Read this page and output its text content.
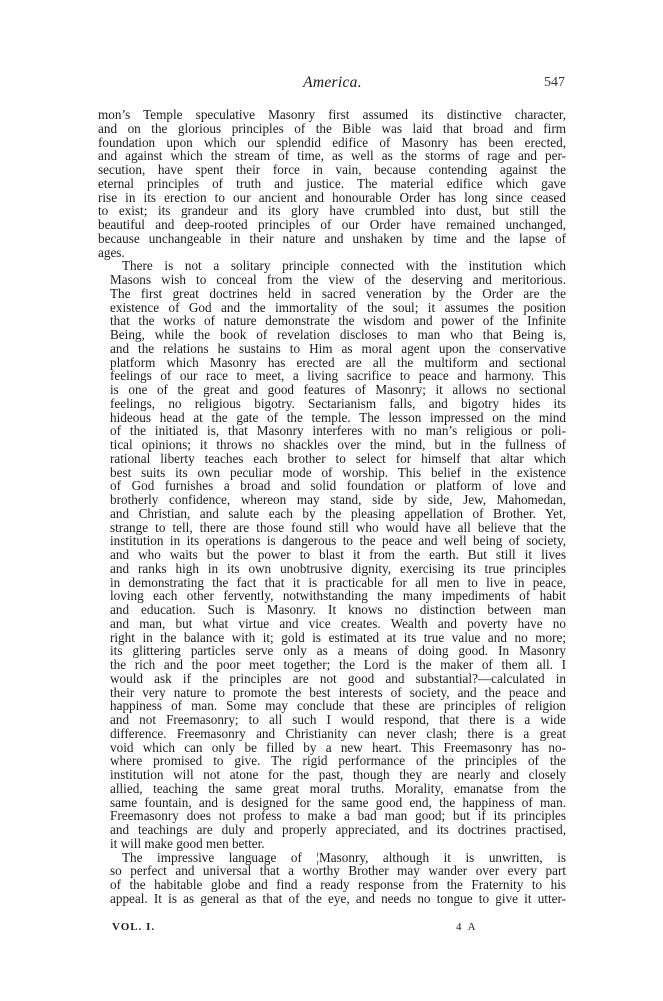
America.	547
mon’s Temple speculative Masonry first assumed its distinctive character,
and on the glorious principles of the Bible was laid that broad and firm
foundation upon which our splendid edifice of Masonry has been erected,
and against which the stream of time, as well as the storms of rage and per-
secution, have spent their force in vain, because contending against the
eternal principles of truth and justice. The material edifice which gave
rise in its erection to our ancient and honourable Order has long since ceased
to exist; its grandeur and its glory have crumbled into dust, but still the
beautiful and deep-rooted principles of our Order have remained unchanged,
because unchangeable in their nature and unshaken by time and the lapse of
ages.
There is not a solitary principle connected with the institution which
Masons wish to conceal from the view of the deserving and meritorious.
The first great doctrines held in sacred veneration by the Order are the
existence of God and the immortality of the soul; it assumes the position
that the works of nature demonstrate the wisdom and power of the Infinite
Being, while the book of revelation discloses to man who that Being is,
and the relations he sustains to Him as moral agent upon the conservative
platform which Masonry has erected are all the multiform and sectional
feelings of our race to meet, a living sacrifice to peace and harmony. This
is one of the great and good features of Masonry; it allows no sectional
feelings, no religious bigotry. Sectarianism falls, and bigotry hides its
hideous head at the gate of the temple. The lesson impressed on the mind
of the initiated is, that Masonry interferes with no man’s religious or poli-
tical opinions; it throws no shackles over the mind, but in the fullness of
rational liberty teaches each brother to select for himself that altar which
best suits its own peculiar mode of worship. This belief in the existence
of God furnishes a broad and solid foundation or platform of love and
brotherly confidence, whereon may stand, side by side, Jew, Mahomedan,
and Christian, and salute each by the pleasing appellation of Brother. Yet,
strange to tell, there are those found still who would have all believe that the
institution in its operations is dangerous to the peace and well being of society,
and who waits but the power to blast it from the earth. But still it lives
and ranks high in its own unobtrusive dignity, exercising its true principles
in demonstrating the fact that it is practicable for all men to live in peace,
loving each other fervently, notwithstanding the many impediments of habit
and education. Such is Masonry. It knows no distinction between man
and man, but what virtue and vice creates. Wealth and poverty have no
right in the balance with it; gold is estimated at its true value and no more;
its glittering particles serve only as a means of doing good. In Masonry
the rich and the poor meet together; the Lord is the maker of them all. I
would ask if the principles are not good and substantial?—calculated in
their very nature to promote the best interests of society, and the peace and
happiness of man. Some may conclude that these are principles of religion
and not Freemasonry; to all such I would respond, that there is a wide
difference. Freemasonry and Christianity can never clash; there is a great
void which can only be filled by a new heart. This Freemasonry has no-
where promised to give. The rigid performance of the principles of the
institution will not atone for the past, though they are nearly and closely
allied, teaching the same great moral truths. Morality, emanatse from the
same fountain, and is designed for the same good end, the happiness of man.
Freemasonry does not profess to make a bad man good; but if its principles
and teachings are duly and properly appreciated, and its doctrines practised,
it will make good men better.
The impressive language of ¦Masonry, although it is unwritten, is
so perfect and universal that a worthy Brother may wander over every part
of the habitable globe and find a ready response from the Fraternity to his
appeal. It is as general as that of the eye, and needs no tongue to give it utter-
VOL. I.	4 A
